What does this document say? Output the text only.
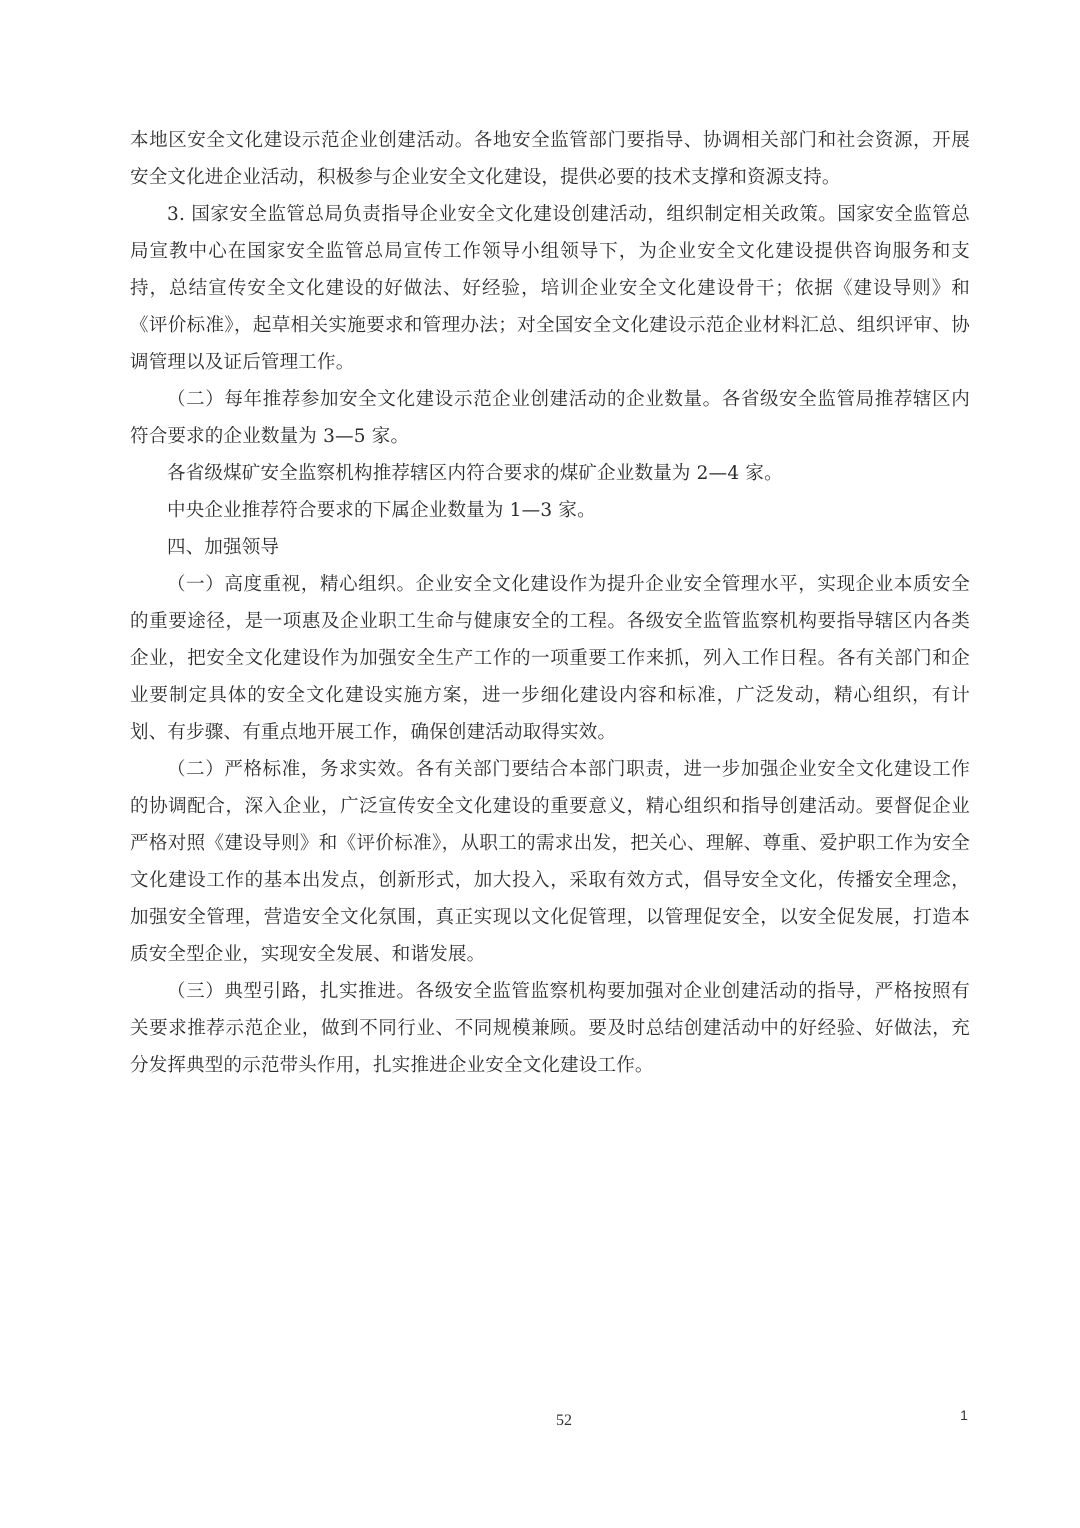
本地区安全文化建设示范企业创建活动。各地安全监管部门要指导、协调相关部门和社会资源，开展安全文化进企业活动，积极参与企业安全文化建设，提供必要的技术支撑和资源支持。

3. 国家安全监管总局负责指导企业安全文化建设创建活动，组织制定相关政策。国家安全监管总局宣教中心在国家安全监管总局宣传工作领导小组领导下，为企业安全文化建设提供咨询服务和支持，总结宣传安全文化建设的好做法、好经验，培训企业安全文化建设骨干；依据《建设导则》和《评价标准》，起草相关实施要求和管理办法；对全国安全文化建设示范企业材料汇总、组织评审、协调管理以及证后管理工作。

（二）每年推荐参加安全文化建设示范企业创建活动的企业数量。各省级安全监管局推荐辖区内符合要求的企业数量为 3—5 家。

各省级煤矿安全监察机构推荐辖区内符合要求的煤矿企业数量为 2—4 家。

中央企业推荐符合要求的下属企业数量为 1—3 家。

四、加强领导

（一）高度重视，精心组织。企业安全文化建设作为提升企业安全管理水平，实现企业本质安全的重要途径，是一项惠及企业职工生命与健康安全的工程。各级安全监管监察机构要指导辖区内各类企业，把安全文化建设作为加强安全生产工作的一项重要工作来抓，列入工作日程。各有关部门和企业要制定具体的安全文化建设实施方案，进一步细化建设内容和标准，广泛发动，精心组织，有计划、有步骤、有重点地开展工作，确保创建活动取得实效。

（二）严格标准，务求实效。各有关部门要结合本部门职责，进一步加强企业安全文化建设工作的协调配合，深入企业，广泛宣传安全文化建设的重要意义，精心组织和指导创建活动。要督促企业严格对照《建设导则》和《评价标准》，从职工的需求出发，把关心、理解、尊重、爱护职工作为安全文化建设工作的基本出发点，创新形式，加大投入，采取有效方式，倡导安全文化，传播安全理念，加强安全管理，营造安全文化氛围，真正实现以文化促管理，以管理促安全，以安全促发展，打造本质安全型企业，实现安全发展、和谐发展。

（三）典型引路，扎实推进。各级安全监管监察机构要加强对企业创建活动的指导，严格按照有关要求推荐示范企业，做到不同行业、不同规模兼顾。要及时总结创建活动中的好经验、好做法，充分发挥典型的示范带头作用，扎实推进企业安全文化建设工作。

52	1
